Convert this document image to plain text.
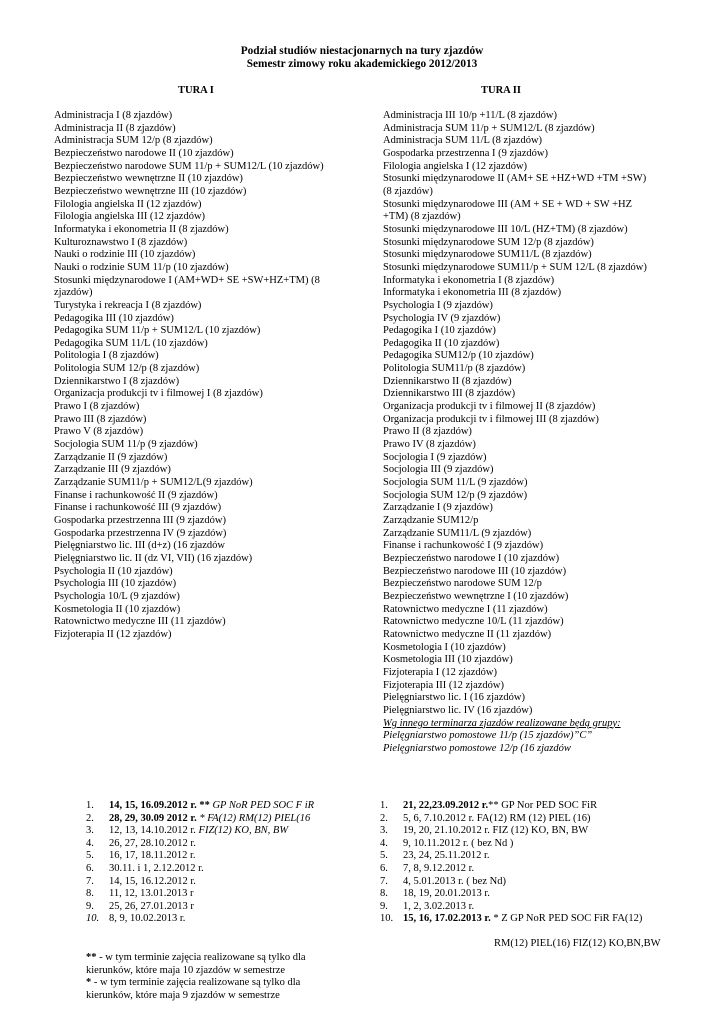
Podział studiów niestacjonarnych na tury zjazdów
Semestr zimowy roku akademickiego 2012/2013
TURA I	TURA II
Administracja I (8 zjazdów)
Administracja II (8 zjazdów)
Administracja SUM 12/p (8 zjazdów)
Bezpieczeństwo narodowe II (10 zjazdów)
Bezpieczeństwo narodowe SUM 11/p + SUM12/L (10 zjazdów)
Bezpieczeństwo wewnętrzne II (10 zjazdów)
Bezpieczeństwo wewnętrzne III (10 zjazdów)
Filologia angielska II (12 zjazdów)
Filologia angielska III (12 zjazdów)
Informatyka i ekonometria II (8 zjazdów)
Kulturoznawstwo I (8 zjazdów)
Nauki o rodzinie III (10 zjazdów)
Nauki o rodzinie SUM 11/p (10 zjazdów)
Stosunki międzynarodowe I (AM+WD+ SE +SW+HZ+TM) (8
zjazdów)
Turystyka i rekreacja I (8 zjazdów)
Pedagogika III (10 zjazdów)
Pedagogika SUM 11/p + SUM12/L (10 zjazdów)
Pedagogika SUM 11/L (10 zjazdów)
Politologia I (8 zjazdów)
Politologia SUM 12/p (8 zjazdów)
Dziennikarstwo I (8 zjazdów)
Organizacja produkcji tv i filmowej I (8 zjazdów)
Prawo I (8 zjazdów)
Prawo III (8 zjazdów)
Prawo V (8 zjazdów)
Socjologia SUM 11/p (9 zjazdów)
Zarządzanie II (9 zjazdów)
Zarządzanie III (9 zjazdów)
Zarządzanie SUM11/p + SUM12/L(9 zjazdów)
Finanse i rachunkowość II (9 zjazdów)
Finanse i rachunkowość III (9 zjazdów)
Gospodarka przestrzenna III (9 zjazdów)
Gospodarka przestrzenna IV (9 zjazdów)
Pielęgniarstwo lic. III (d+z) (16 zjazdów
Pielęgniarstwo lic. II (dz VI, VII) (16 zjazdów)
Psychologia II (10 zjazdów)
Psychologia III (10 zjazdów)
Psychologia 10/L (9 zjazdów)
Kosmetologia II (10 zjazdów)
Ratownictwo medyczne III (11 zjazdów)
Fizjoterapia II (12 zjazdów)
Administracja III 10/p +11/L (8 zjazdów)
Administracja SUM 11/p + SUM12/L (8 zjazdów)
Administracja SUM 11/L (8 zjazdów)
Gospodarka przestrzenna I (9 zjazdów)
Filologia angielska I (12 zjazdów)
Stosunki międzynarodowe II (AM+ SE +HZ+WD +TM +SW)
(8 zjazdów)
Stosunki międzynarodowe III (AM + SE + WD + SW +HZ
+TM) (8 zjazdów)
Stosunki międzynarodowe III 10/L (HZ+TM) (8 zjazdów)
Stosunki międzynarodowe SUM 12/p (8 zjazdów)
Stosunki międzynarodowe SUM11/L (8 zjazdów)
Stosunki międzynarodowe SUM11/p + SUM 12/L (8 zjazdów)
Informatyka i ekonometria I (8 zjazdów)
Informatyka i ekonometria III (8 zjazdów)
Psychologia I (9 zjazdów)
Psychologia IV (9 zjazdów)
Pedagogika I (10 zjazdów)
Pedagogika II (10 zjazdów)
Pedagogika SUM12/p (10 zjazdów)
Politologia SUM11/p (8 zjazdów)
Dziennikarstwo II (8 zjazdów)
Dziennikarstwo III (8 zjazdów)
Organizacja produkcji tv i filmowej II (8 zjazdów)
Organizacja produkcji tv i filmowej III (8 zjazdów)
Prawo II (8 zjazdów)
Prawo IV (8 zjazdów)
Socjologia I (9 zjazdów)
Socjologia III (9 zjazdów)
Socjologia SUM 11/L (9 zjazdów)
Socjologia SUM 12/p (9 zjazdów)
Zarządzanie I (9 zjazdów)
Zarządzanie SUM12/p
Zarządzanie SUM11/L (9 zjazdów)
Finanse i rachunkowość I (9 zjazdów)
Bezpieczeństwo narodowe I (10 zjazdów)
Bezpieczeństwo narodowe III (10 zjazdów)
Bezpieczeństwo narodowe SUM 12/p
Bezpieczeństwo wewnętrzne I (10 zjazdów)
Ratownictwo medyczne I (11 zjazdów)
Ratownictwo medyczne 10/L (11 zjazdów)
Ratownictwo medyczne II (11 zjazdów)
Kosmetologia I (10 zjazdów)
Kosmetologia III (10 zjazdów)
Fizjoterapia I (12 zjazdów)
Fizjoterapia III (12 zjazdów)
Pielęgniarstwo lic. I (16 zjazdów)
Pielęgniarstwo lic. IV (16 zjazdów)
Wg innego terminarza zjazdów realizowane będą grupy:
Pielęgniarstwo pomostowe 11/p (15 zjazdów)”C”
Pielęgniarstwo pomostowe 12/p (16 zjazdów
1. 14, 15, 16.09.2012 r. ** GP NoR PED SOC F iR
2. 28, 29, 30.09 2012 r. * FA(12) RM(12) PIEL(16
3. 12, 13, 14.10.2012 r. FIZ(12) KO, BN, BW
4. 26, 27, 28.10.2012 r.
5. 16, 17, 18.11.2012 r.
6. 30.11. i 1, 2.12.2012 r.
7. 14, 15, 16.12.2012 r.
8. 11, 12, 13.01.2013 r
9. 25, 26, 27.01.2013 r
10. 8, 9, 10.02.2013 r.
1. 21, 22,23.09.2012 r.** GP Nor PED SOC FiR
2. 5, 6, 7.10.2012 r. FA(12) RM (12) PIEL (16)
3. 19, 20, 21.10.2012 r. FIZ (12) KO, BN, BW
4. 9, 10.11.2012 r. ( bez Nd )
5. 23, 24, 25.11.2012 r.
6. 7, 8, 9.12.2012 r.
7. 4, 5.01.2013 r. ( bez Nd)
8. 18, 19, 20.01.2013 r.
9. 1, 2, 3.02.2013 r.
10. 15, 16, 17.02.2013 r. * Z GP NoR PED SOC FiR FA(12)
RM(12) PIEL(16) FIZ(12) KO,BN,BW
** - w tym terminie zajęcia realizowane są tylko dla
kierunków, które maja 10 zjazdów w semestrze
* - w tym terminie zajęcia realizowane są tylko dla
kierunków, które maja 9 zjazdów w semestrze
